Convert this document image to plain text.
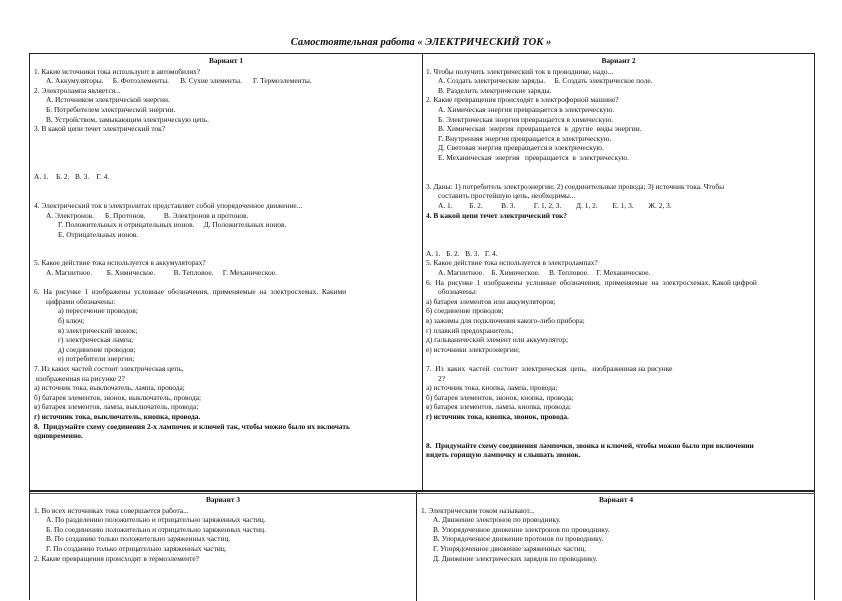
Самостоятельная работа « ЭЛЕКТРИЧЕСКИЙ ТОК »
Вариант 1
1. Какие источники тока используют в автомобилях?
А. Аккумуляторы.     Б. Фотоэлементы.      В. Сухие элементы.      Г. Термоэлементы.
2. Электролампа является...
А. Источником электрической энергии.
Б. Потребителем электрической энергии.
В. Устройством, замыкающим электрическую цепь.
3. В какой цепи течет электрический ток?

А. 1.    Б. 2.   В. 3.    Г. 4.

4. Электрический ток в электролитах представляет собой упорядоченное движение...
А. Электронов.      Б. Протонов.          В. Электронов и протонов.
Г. Положительных и отрицательных ионов.     Д. Положительных ионов.
Е. Отрицательных ионов.

5. Какое действие тока используется в аккумуляторах?
А. Магнитное.        Б. Химическое.          В. Тепловое.     Г. Механическое.

6.  На  рисунке  1  изображены  условные  обозначения,  применяемые  на  электросхемах.  Какими
цифрами обозначены:
а) пересечение проводов;
б) ключ;
в) электрический звонок;
г) электрическая лампа;
д) соединение проводов;
е) потребители энергии;
7. Из каких частей состоит электрическая цепь,
изображенная на рисунке 2?
а) источник тока, выключатель, лампа, провода;
б) батарея элементов, звонок, выключатель, провода;
в) батарея элементов, лампа, выключатель, провода;
г) источник тока, выключатель, кнопка, провода.
8.  Придумайте схему соединения 2-х лампочек и ключей так, чтобы можно было их включать
одновременно.
Вариант 2
1. Чтобы получить электрический ток в проводнике, надо...
А. Создать электрические заряды.     Б. Создать электрическое поле.
В. Разделить электрические заряды.
2. Какие превращения происходят в электрофорной машине?
А. Химическая энергия превращается в электрическую.
Б. Электрическая энергия превращается в химическую.
В. Химическая  энергия  превращается  в  другие  виды энергии.
Г. Внутренняя энергия превращается в электрическую.
Д. Световая энергия превращается в электрическую.
Е. Механическая  энергия   превращается  в  электрическую.

3. Даны: 1) потребитель электроэнергии; 2) соединительные провода; 3) источник тока. Чтобы
составить простейшую цепь, необходимы...
А. 1.         Б. 2.          В. 3.          Г. 1, 2, 3.        Д. 1, 2.        Е. 1, 3.        Ж. 2, 3.
4. В какой цепи течет электрический ток?

А. 1.   Б. 2.   В. 3.   Г. 4.
5. Какое действие тока используется в электролампах?
А. Магнитное.    Б. Химическое.     В. Тепловое.    Г. Механическое.
6.  На  рисунке  1  изображены  условные  обозначения,  применяемые  на  электросхемах. Какой цифрой
обозначены:
а) батарея элементов или аккумуляторов;
б) соединение проводов;
в) зажимы для подключения какого-либо прибора;
г) плавкий предохранитель;
д) гальванический элемент или аккумулятор;
е) источники электроэнергии;

7.  Из  каких  частей  состоит  электрическая  цепь,   изображенная на рисунке
2?
а) источник тока, кнопка, лампа, провода;
б) батарея элементов, звонок, кнопка, провода;
в) батарея элементов, лампа, кнопка, провода;
г) источник тока, кнопка, звонок, провода.

8.  Придумайте схему соединения лампочки, звонка и ключей, чтобы можно было при включении
видеть горящую лампочку и слышать звонок.
Вариант 3
1. Во всех источниках тока совершается работа...
А. По разделению положительно и отрицательно заряженных частиц.
Б. По соединению положительно и отрицательно заряженных частиц.
В. По созданию только положительно заряженных частиц.
Г. По созданию только отрицательно заряженных частиц.
2. Какие превращения происходят в термоэлементе?
Вариант 4
1. Электрическим током называют...
А. Движение электронов по проводнику.
В. Упорядоченное движение электронов по проводнику.
В. Упорядоченное движение протонов по проводнику.
Г. Упорядоченное движение заряженных частиц.
Д. Движение электрических зарядов по проводнику.
